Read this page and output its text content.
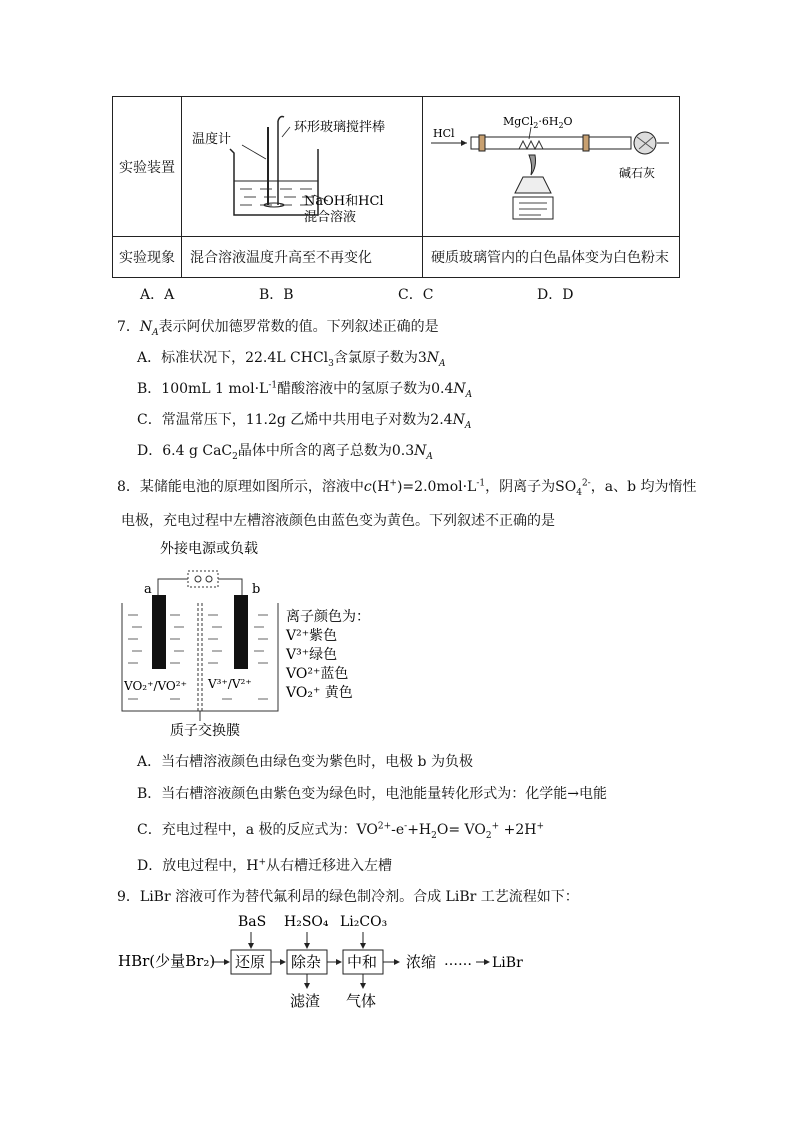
实验装置	温度计
环形玻璃搅拌棒
NaOH和HCl
混合溶液	HCl
$MgCl_2\cdot 6H_2O$
碱石灰

实验现象	混合溶液温度升高至不再变化	硬质玻璃管内的白色晶体变为白色粉末
A．A	B．B	C．C	D．D
7．$N_A$表示阿伏加德罗常数的值。下列叙述正确的是
A．标准状况下，22.4L CHCl$_3$含氯原子数为$3N_A$
B．100mL 1 $mol\cdot L^{-1}$醋酸溶液中的氢原子数为$0.4N_A$
C．常温常压下，11.2g 乙烯中共用电子对数为$2.4N_A$
D．6.4 g CaC$_2$晶体中所含的离子总数为$0.3N_A$
8．某储能电池的原理如图所示，溶液中$c(H^+)=2.0mol\cdot L^{-1}$，阴离子为$SO_4^{2-}$，a、b 均为惰性
电极，充电过程中左槽溶液颜色由蓝色变为黄色。下列叙述不正确的是
外接电源或负载
a	b
VO₂⁺/VO²⁺ V³⁺/V²⁺
质子交换膜
离子颜色为：
V²⁺紫色
V³⁺绿色
VO²⁺蓝色
VO₂⁺ 黄色
A．当右槽溶液颜色由绿色变为紫色时，电极 b 为负极
B．当右槽溶液颜色由紫色变为绿色时，电池能量转化形式为：化学能→电能
C．充电过程中，a 极的反应式为：$VO^{2+}-e^-+H_2O= VO_2^+ +2H^+$
D．放电过程中，H+从右槽迁移进入左槽
9．LiBr 溶液可作为替代氟利昂的绿色制冷剂。合成 LiBr 工艺流程如下：
HBr(少量Br₂) 还原 除杂 中和 浓缩 …… LiBr
BaS H₂SO₄ Li₂CO₃
滤渣 气体
